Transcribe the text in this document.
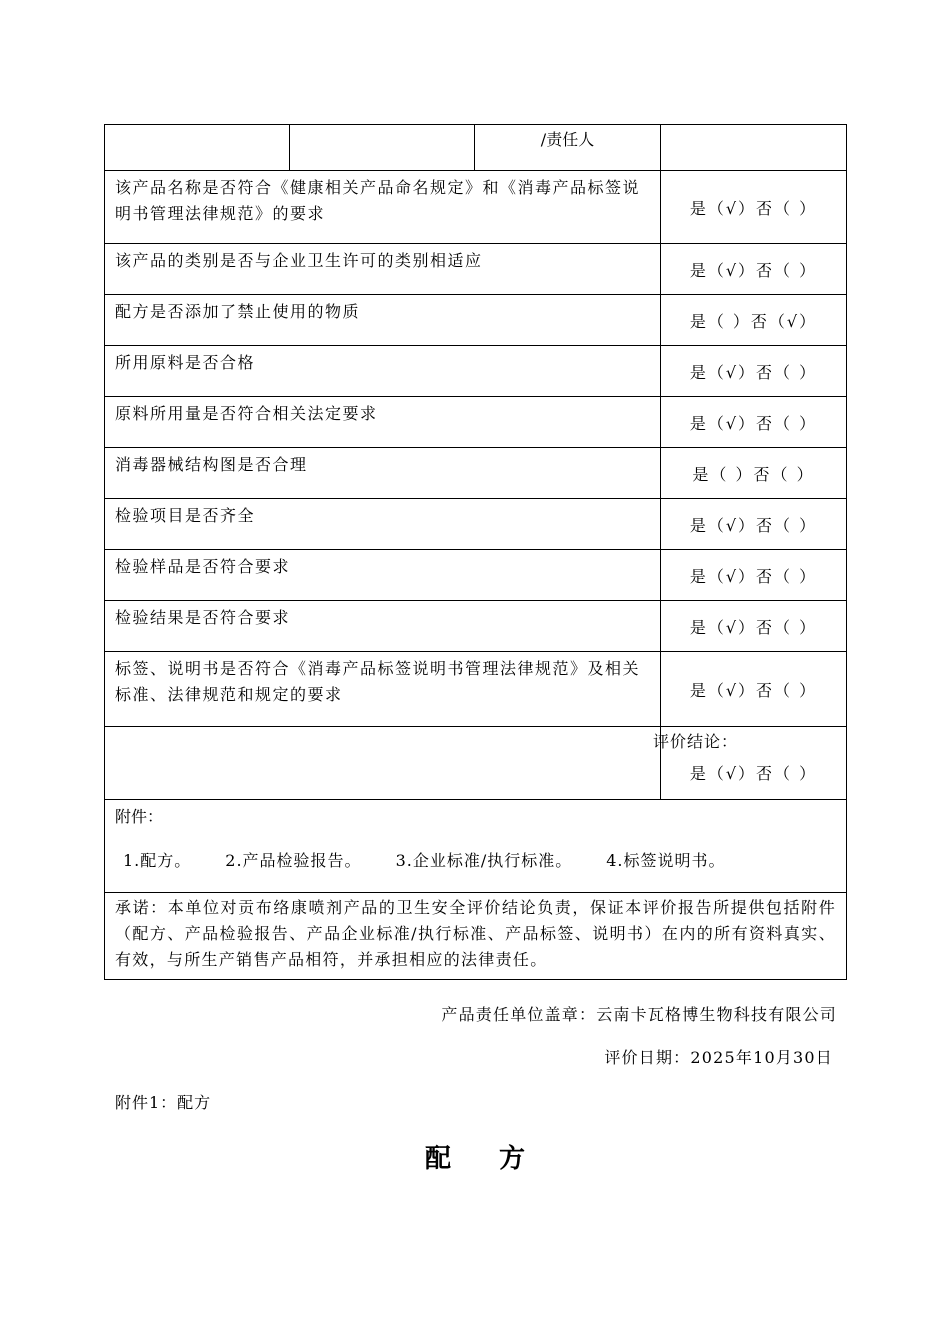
		/责任人	
该产品名称是否符合《健康相关产品命名规定》和《消毒产品标签说明书管理法律规范》的要求			是（√）否（ ）
该产品的类别是否与企业卫生许可的类别相适应			是（√）否（ ）
配方是否添加了禁止使用的物质			是（ ）否（√）
所用原料是否合格			是（√）否（ ）
原料所用量是否符合相关法定要求			是（√）否（ ）
消毒器械结构图是否合理			是（ ）否（ ）
检验项目是否齐全			是（√）否（ ）
检验样品是否符合要求			是（√）否（ ）
检验结果是否符合要求			是（√）否（ ）
标签、说明书是否符合《消毒产品标签说明书管理法律规范》及相关标准、法律规范和规定的要求			是（√）否（ ）

			评价结论：
是（√）否（ ）

附件：
1.配方。 2.产品检验报告。 3.企业标准/执行标准。 4.标签说明书。			

承诺：本单位对贡布络康喷剂产品的卫生安全评价结论负责，保证本评价报告所提供包括附件（配方、产品检验报告、产品企业标准/执行标准、产品标签、说明书）在内的所有资料真实、有效，与所生产销售产品相符，并承担相应的法律责任。			
产品责任单位盖章：云南卡瓦格博生物科技有限公司
评价日期：2025年10月30日
附件1：配方
配方
